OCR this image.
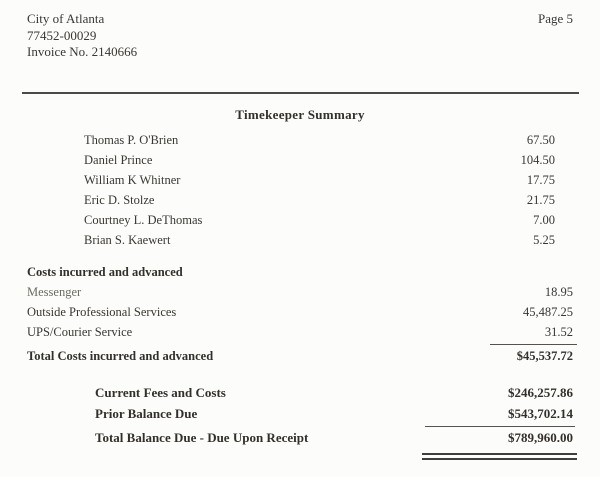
City of Atlanta
77452-00029
Invoice No. 2140666
Page 5
Timekeeper Summary
Thomas P. O'Brien	67.50
Daniel Prince	104.50
William K Whitner	17.75
Eric D. Stolze	21.75
Courtney L. DeThomas	7.00
Brian S. Kaewert	5.25
Costs incurred and advanced
Messenger	18.95
Outside Professional Services	45,487.25
UPS/Courier Service	31.52
Total Costs incurred and advanced	$45,537.72
Current Fees and Costs	$246,257.86
Prior Balance Due	$543,702.14
Total Balance Due - Due Upon Receipt	$789,960.00
